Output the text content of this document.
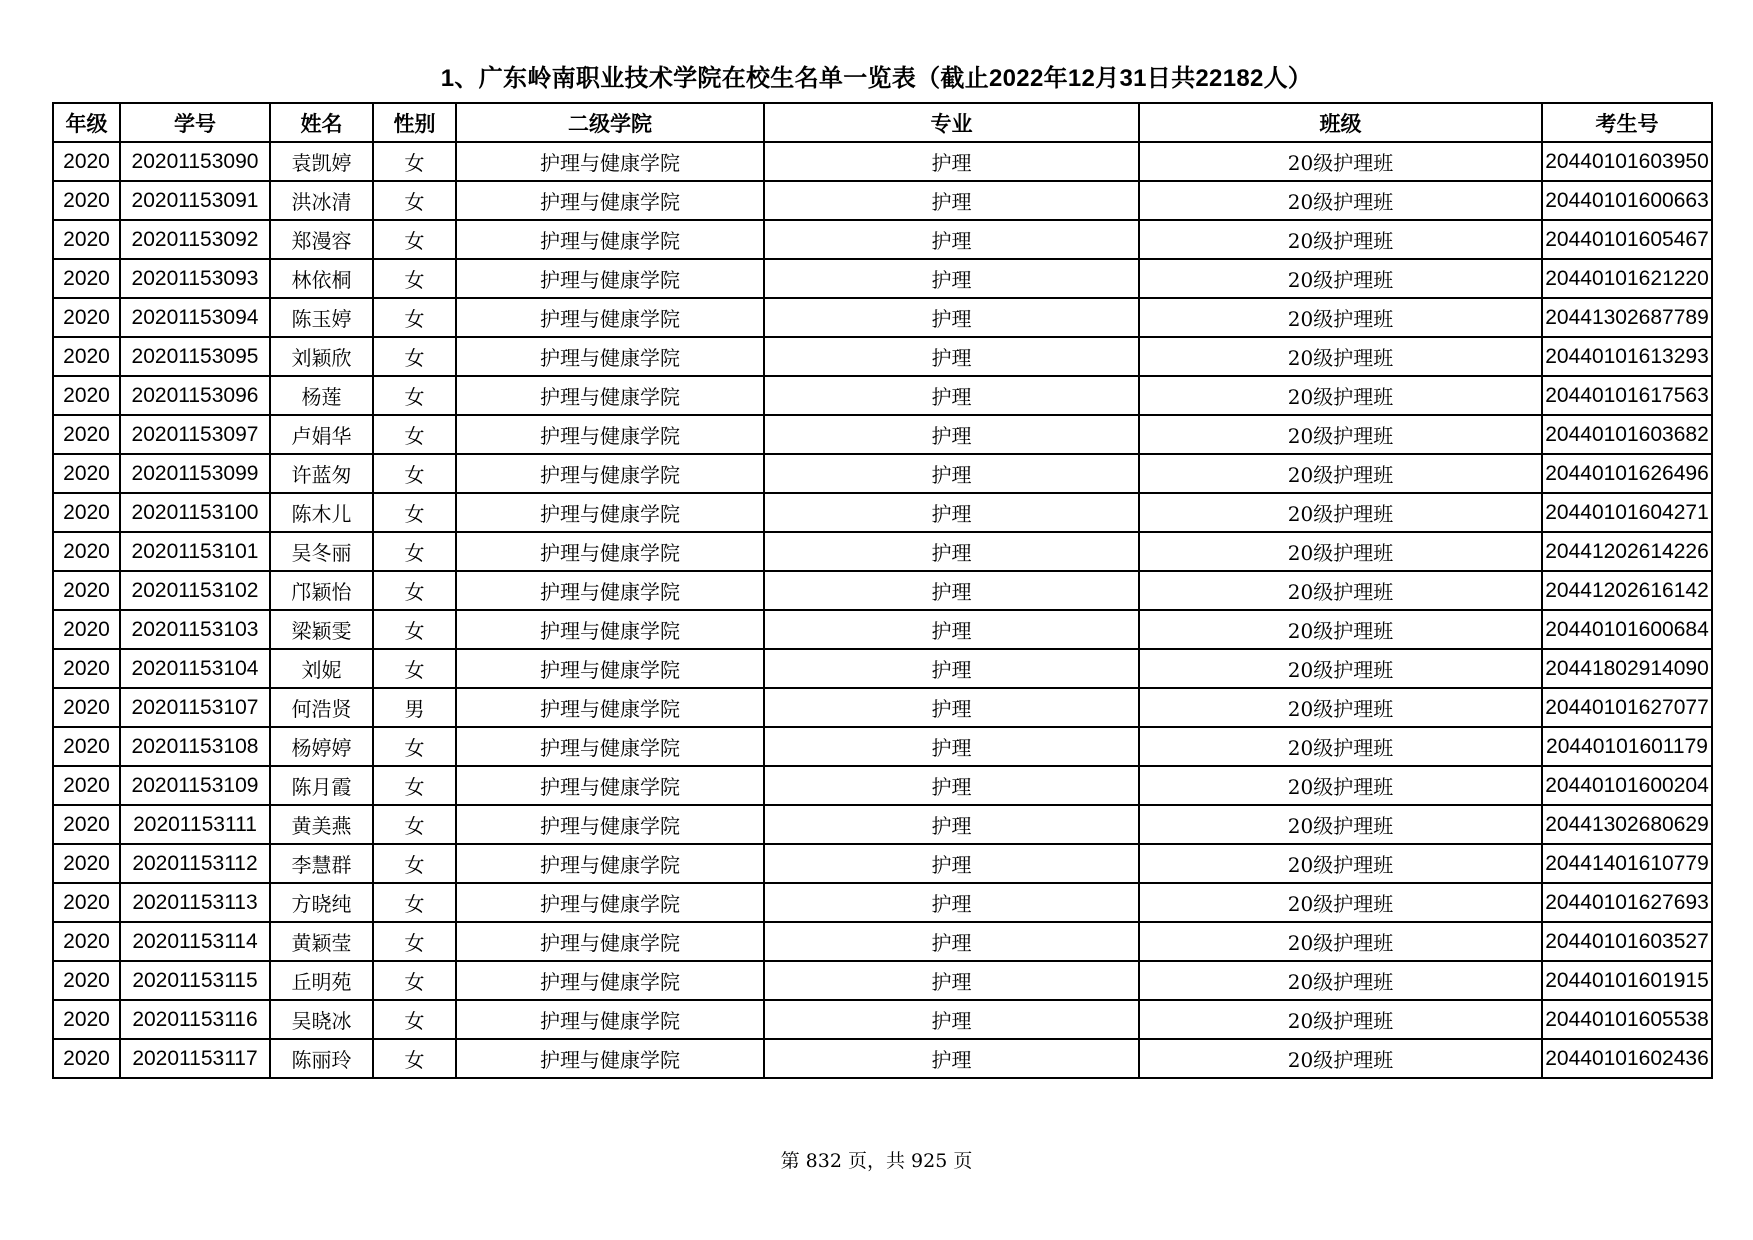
1、广东岭南职业技术学院在校生名单一览表（截止2022年12月31日共22182人）
年级	学号	姓名	性别	二级学院	专业	班级	考生号
2020	20201153090	袁凯婷	女	护理与健康学院	护理	20级护理班	20440101603950
2020	20201153091	洪冰清	女	护理与健康学院	护理	20级护理班	20440101600663
2020	20201153092	郑漫容	女	护理与健康学院	护理	20级护理班	20440101605467
2020	20201153093	林依桐	女	护理与健康学院	护理	20级护理班	20440101621220
2020	20201153094	陈玉婷	女	护理与健康学院	护理	20级护理班	20441302687789
2020	20201153095	刘颖欣	女	护理与健康学院	护理	20级护理班	20440101613293
2020	20201153096	杨莲	女	护理与健康学院	护理	20级护理班	20440101617563
2020	20201153097	卢娟华	女	护理与健康学院	护理	20级护理班	20440101603682
2020	20201153099	许蓝匆	女	护理与健康学院	护理	20级护理班	20440101626496
2020	20201153100	陈木儿	女	护理与健康学院	护理	20级护理班	20440101604271
2020	20201153101	吴冬丽	女	护理与健康学院	护理	20级护理班	20441202614226
2020	20201153102	邝颖怡	女	护理与健康学院	护理	20级护理班	20441202616142
2020	20201153103	梁颖雯	女	护理与健康学院	护理	20级护理班	20440101600684
2020	20201153104	刘妮	女	护理与健康学院	护理	20级护理班	20441802914090
2020	20201153107	何浩贤	男	护理与健康学院	护理	20级护理班	20440101627077
2020	20201153108	杨婷婷	女	护理与健康学院	护理	20级护理班	20440101601179
2020	20201153109	陈月霞	女	护理与健康学院	护理	20级护理班	20440101600204
2020	20201153111	黄美燕	女	护理与健康学院	护理	20级护理班	20441302680629
2020	20201153112	李慧群	女	护理与健康学院	护理	20级护理班	20441401610779
2020	20201153113	方晓纯	女	护理与健康学院	护理	20级护理班	20440101627693
2020	20201153114	黄颖莹	女	护理与健康学院	护理	20级护理班	20440101603527
2020	20201153115	丘明苑	女	护理与健康学院	护理	20级护理班	20440101601915
2020	20201153116	吴晓冰	女	护理与健康学院	护理	20级护理班	20440101605538
2020	20201153117	陈丽玲	女	护理与健康学院	护理	20级护理班	20440101602436
第 832 页，共 925 页
